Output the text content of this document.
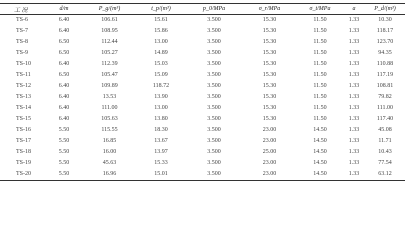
工 况	d/m	P_g/(m³)	t_p/(m³)	p_0/MPa	σ_r/MPa	σ_t/MPa	a	P_d/(m³)
TS-6	6.40	106.61	15.61	3.500	15.30	11.50	1.33	10.30
TS-7	6.40	108.95	15.86	3.500	15.30	11.50	1.33	118.17
TS-8	6.50	112.44	13.00	3.500	15.30	11.50	1.33	123.70
TS-9	6.50	105.27	14.89	3.500	15.30	11.50	1.33	94.35
TS-10	6.40	112.39	15.03	3.500	15.30	11.50	1.33	110.88
TS-11	6.50	105.47	15.09	3.500	15.30	11.50	1.33	117.19
TS-12	6.40	109.89	118.72	3.500	15.30	11.50	1.33	108.81
TS-13	6.40	13.53	13.90	3.500	15.30	11.50	1.33	79.82
TS-14	6.40	111.00	13.00	3.500	15.30	11.50	1.33	111.00
TS-15	6.40	105.63	13.80	3.500	15.30	11.50	1.33	117.40
TS-16	5.50	115.55	18.30	3.500	23.00	14.50	1.33	45.08
TS-17	5.50	16.85	13.67	3.500	23.00	14.50	1.33	11.71
TS-18	5.50	16.00	13.97	3.500	25.00	14.50	1.33	10.43
TS-19	5.50	45.63	15.33	3.500	23.00	14.50	1.33	77.54
TS-20	5.50	16.96	15.01	3.500	23.00	14.50	1.33	63.12
